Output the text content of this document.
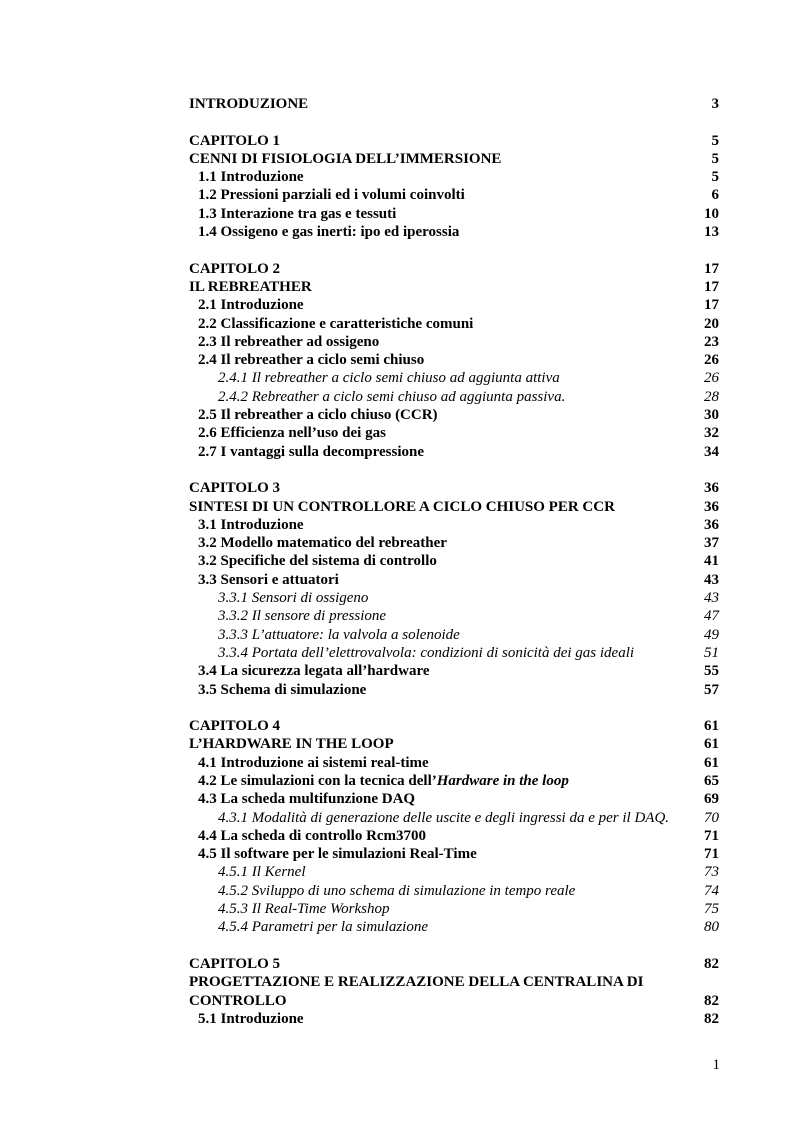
INTRODUZIONE	3
CAPITOLO 1	5
CENNI DI FISIOLOGIA DELL’IMMERSIONE	5
1.1 Introduzione	5
1.2 Pressioni parziali ed i volumi coinvolti	6
1.3 Interazione tra gas e tessuti	10
1.4 Ossigeno e gas inerti: ipo ed iperossia	13
CAPITOLO 2	17
IL REBREATHER	17
2.1 Introduzione	17
2.2 Classificazione e caratteristiche comuni	20
2.3 Il rebreather ad ossigeno	23
2.4 Il rebreather a ciclo semi chiuso	26
2.4.1 Il rebreather a ciclo semi chiuso ad aggiunta attiva	26
2.4.2 Rebreather a ciclo semi chiuso ad aggiunta passiva.	28
2.5 Il rebreather a ciclo chiuso (CCR)	30
2.6 Efficienza nell’uso dei gas	32
2.7 I vantaggi sulla decompressione	34
CAPITOLO 3	36
SINTESI DI UN CONTROLLORE A CICLO CHIUSO PER CCR	36
3.1 Introduzione	36
3.2 Modello matematico del rebreather	37
3.2 Specifiche del sistema di controllo	41
3.3 Sensori e attuatori	43
3.3.1 Sensori di ossigeno	43
3.3.2 Il sensore di pressione	47
3.3.3 L’attuatore: la valvola a solenoide	49
3.3.4 Portata dell’elettrovalvola: condizioni di sonicità dei gas ideali	51
3.4 La sicurezza legata all’hardware	55
3.5 Schema di simulazione	57
CAPITOLO 4	61
L’HARDWARE IN THE LOOP	61
4.1 Introduzione ai sistemi real-time	61
4.2 Le simulazioni con la tecnica dell’Hardware in the loop	65
4.3 La scheda multifunzione DAQ	69
4.3.1 Modalità di generazione delle uscite e degli ingressi da e per il DAQ. 70
4.4 La scheda di controllo Rcm3700	71
4.5 Il software per le simulazioni Real-Time	71
4.5.1 Il Kernel	73
4.5.2 Sviluppo di uno schema di simulazione in tempo reale	74
4.5.3 Il Real-Time Workshop	75
4.5.4 Parametri per la simulazione	80
CAPITOLO 5	82
PROGETTAZIONE E REALIZZAZIONE DELLA CENTRALINA DI
CONTROLLO	82
5.1 Introduzione	82
1
